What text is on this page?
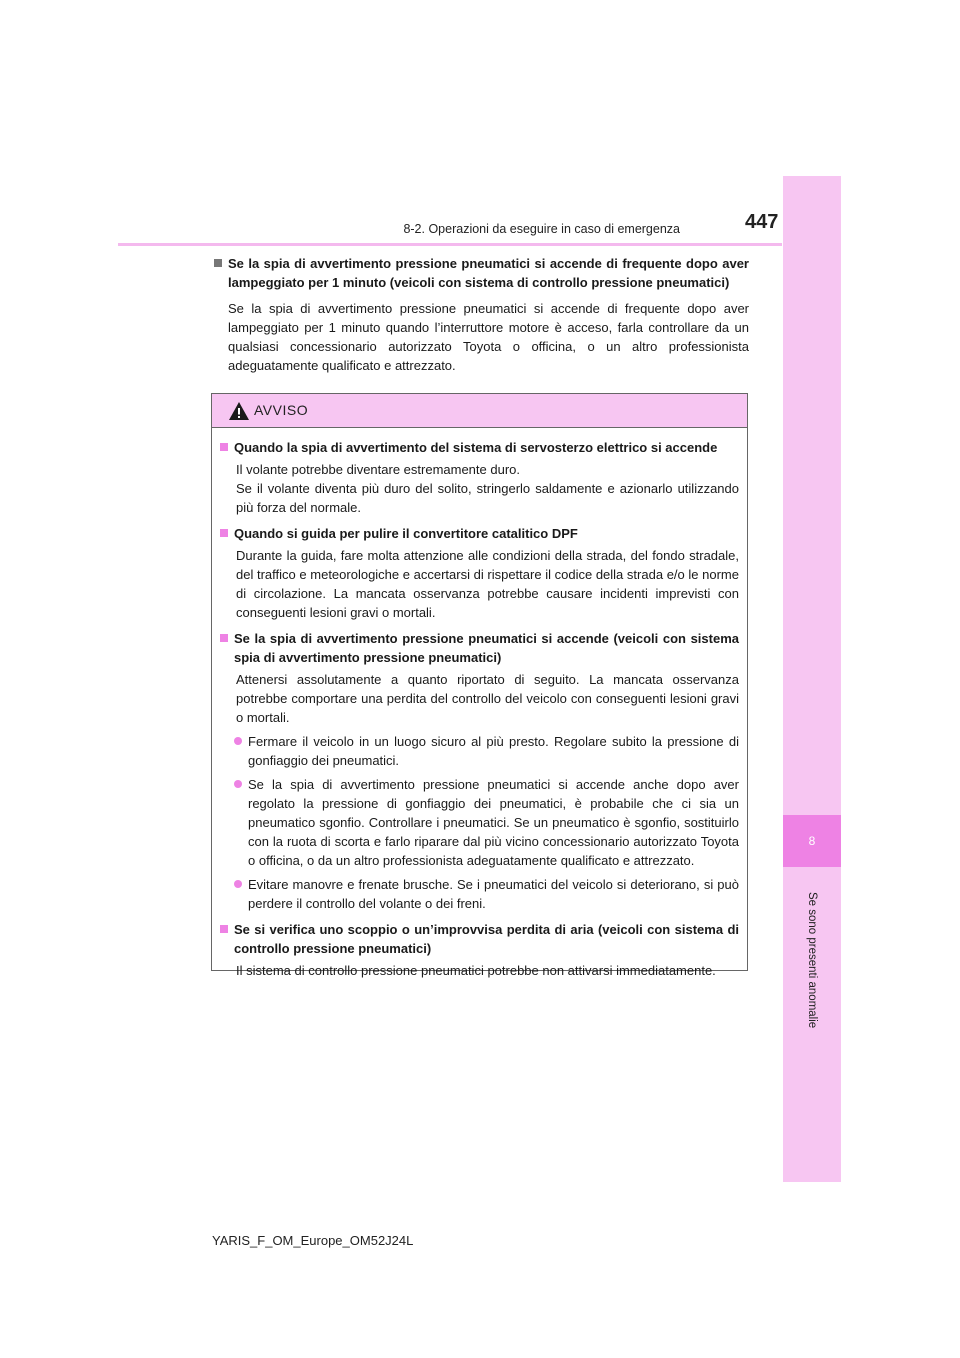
8
Se sono presenti anomalie
8-2. Operazioni da eseguire in caso di emergenza	447
Se la spia di avvertimento pressione pneumatici si accende di frequente dopo aver lampeggiato per 1 minuto (veicoli con sistema di controllo pressione pneumatici)
Se la spia di avvertimento pressione pneumatici si accende di frequente dopo aver lampeggiato per 1 minuto quando l’interruttore motore è acceso, farla controllare da un qualsiasi concessionario autorizzato Toyota o officina, o un altro professionista adeguatamente qualificato e attrezzato.
AVVISO
Quando la spia di avvertimento del sistema di servosterzo elettrico si accende
Il volante potrebbe diventare estremamente duro.
Se il volante diventa più duro del solito, stringerlo saldamente e azionarlo utilizzando più forza del normale.
Quando si guida per pulire il convertitore catalitico DPF
Durante la guida, fare molta attenzione alle condizioni della strada, del fondo stradale, del traffico e meteorologiche e accertarsi di rispettare il codice della strada e/o le norme di circolazione. La mancata osservanza potrebbe causare incidenti imprevisti con conseguenti lesioni gravi o mortali.
Se la spia di avvertimento pressione pneumatici si accende (veicoli con sistema spia di avvertimento pressione pneumatici)
Attenersi assolutamente a quanto riportato di seguito. La mancata osservanza potrebbe comportare una perdita del controllo del veicolo con conseguenti lesioni gravi o mortali.
Fermare il veicolo in un luogo sicuro al più presto. Regolare subito la pressione di gonfiaggio dei pneumatici.
Se la spia di avvertimento pressione pneumatici si accende anche dopo aver regolato la pressione di gonfiaggio dei pneumatici, è probabile che ci sia un pneumatico sgonfio. Controllare i pneumatici. Se un pneumatico è sgonfio, sostituirlo con la ruota di scorta e farlo riparare dal più vicino concessionario autorizzato Toyota o officina, o da un altro professionista adeguatamente qualificato e attrezzato.
Evitare manovre e frenate brusche. Se i pneumatici del veicolo si deteriorano, si può perdere il controllo del volante o dei freni.
Se si verifica uno scoppio o un’improvvisa perdita di aria (veicoli con sistema di controllo pressione pneumatici)
Il sistema di controllo pressione pneumatici potrebbe non attivarsi immediatamente.
YARIS_F_OM_Europe_OM52J24L
